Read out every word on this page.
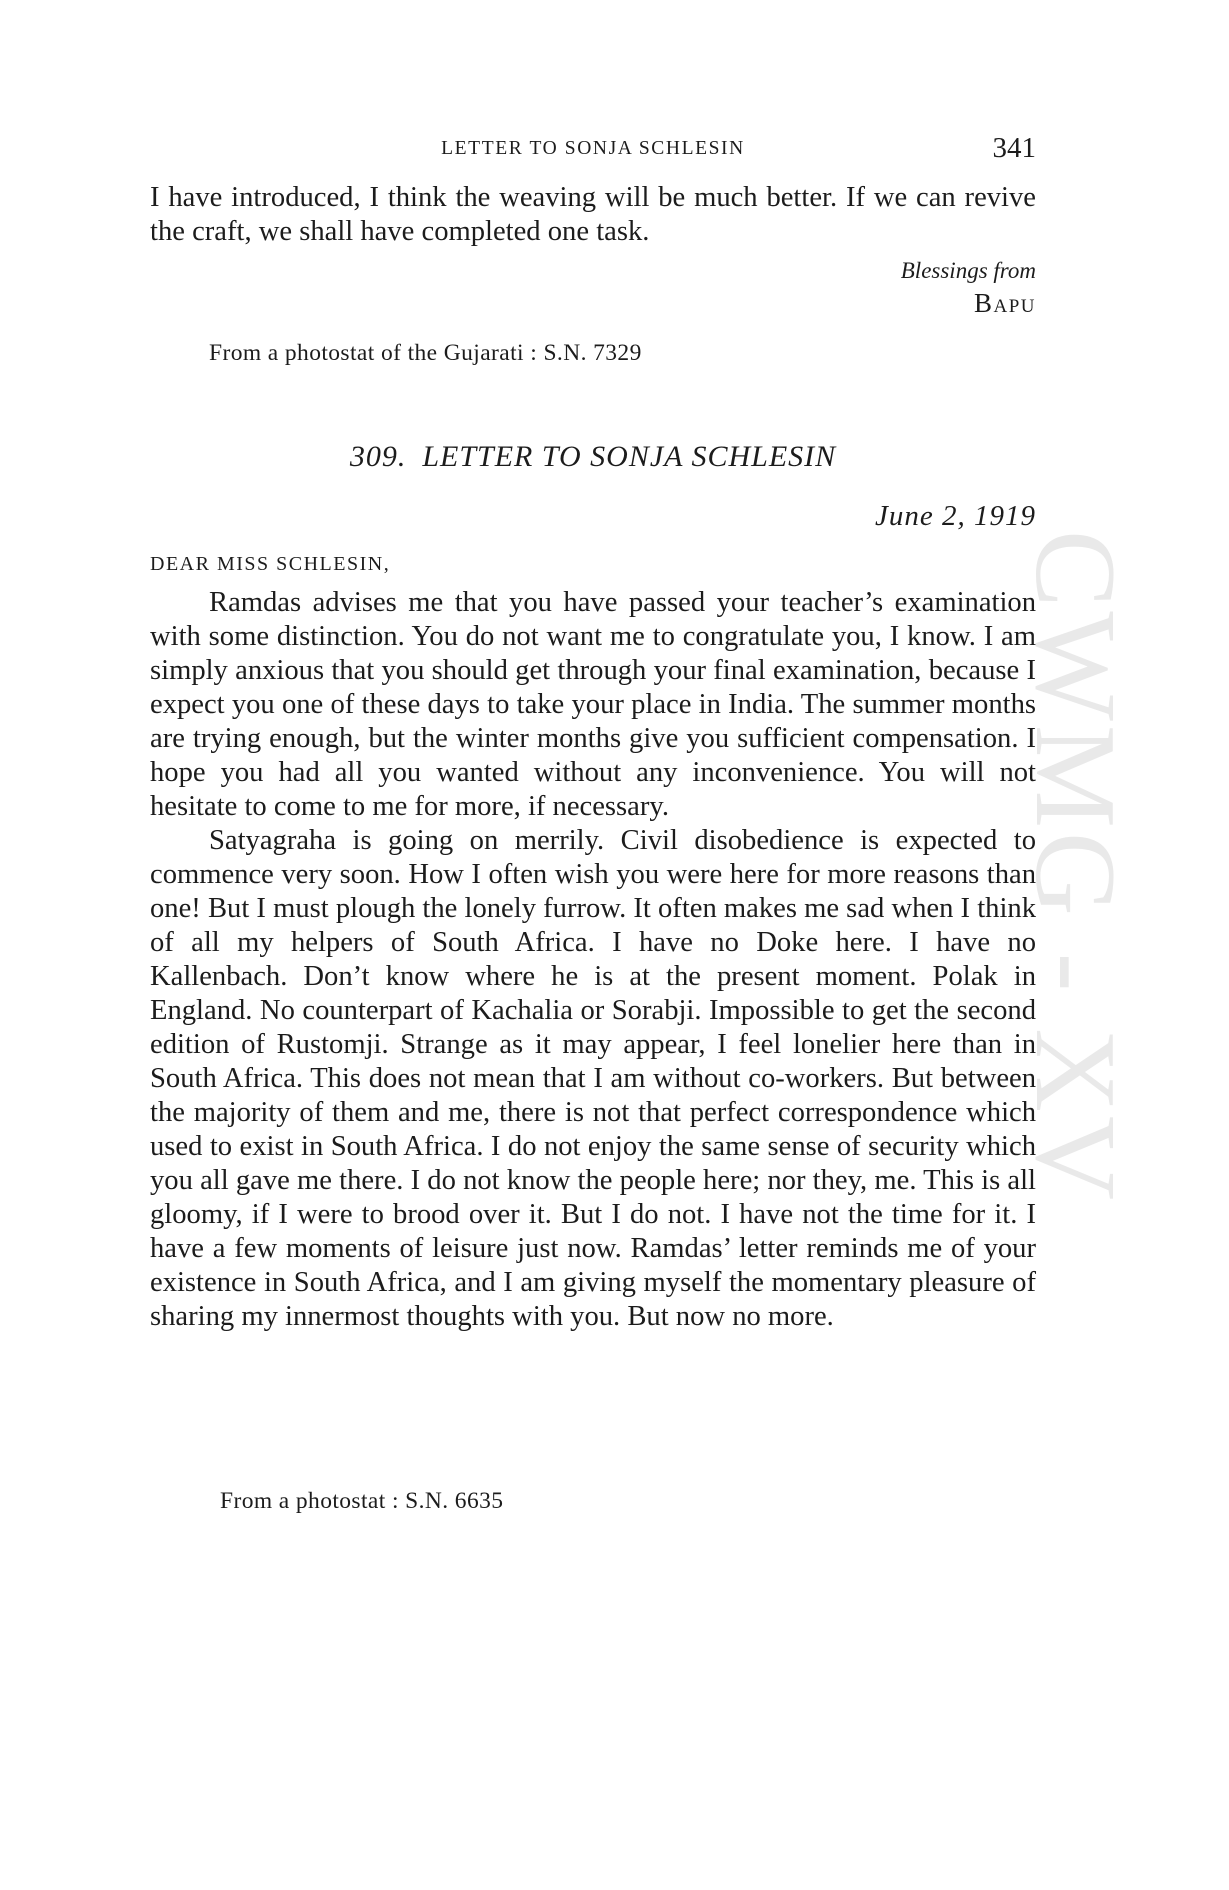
CWMG - XV
LETTER TO SONJA SCHLESIN	341
I have introduced, I think the weaving will be much better. If we can revive the craft, we shall have completed one task.
Blessings from
Bapu
From a photostat of the Gujarati : S.N. 7329
309. LETTER TO SONJA SCHLESIN
June 2, 1919
DEAR MISS SCHLESIN,

Ramdas advises me that you have passed your teacher’s examination with some distinction. You do not want me to congratulate you, I know. I am simply anxious that you should get through your final examination, because I expect you one of these days to take your place in India. The summer months are trying enough, but the winter months give you sufficient compensation. I hope you had all you wanted without any inconvenience. You will not hesitate to come to me for more, if necessary.

Satyagraha is going on merrily. Civil disobedience is expected to commence very soon. How I often wish you were here for more reasons than one! But I must plough the lonely furrow. It often makes me sad when I think of all my helpers of South Africa. I have no Doke here. I have no Kallenbach. Don’t know where he is at the present moment. Polak in England. No counterpart of Kachalia or Sorabji. Impossible to get the second edition of Rustomji. Strange as it may appear, I feel lonelier here than in South Africa. This does not mean that I am without co-workers. But between the majority of them and me, there is not that perfect correspondence which used to exist in South Africa. I do not enjoy the same sense of security which you all gave me there. I do not know the people here; nor they, me. This is all gloomy, if I were to brood over it. But I do not. I have not the time for it. I have a few moments of leisure just now. Ramdas’ letter reminds me of your existence in South Africa, and I am giving myself the momentary pleasure of sharing my innermost thoughts with you. But now no more.

From a photostat : S.N. 6635
